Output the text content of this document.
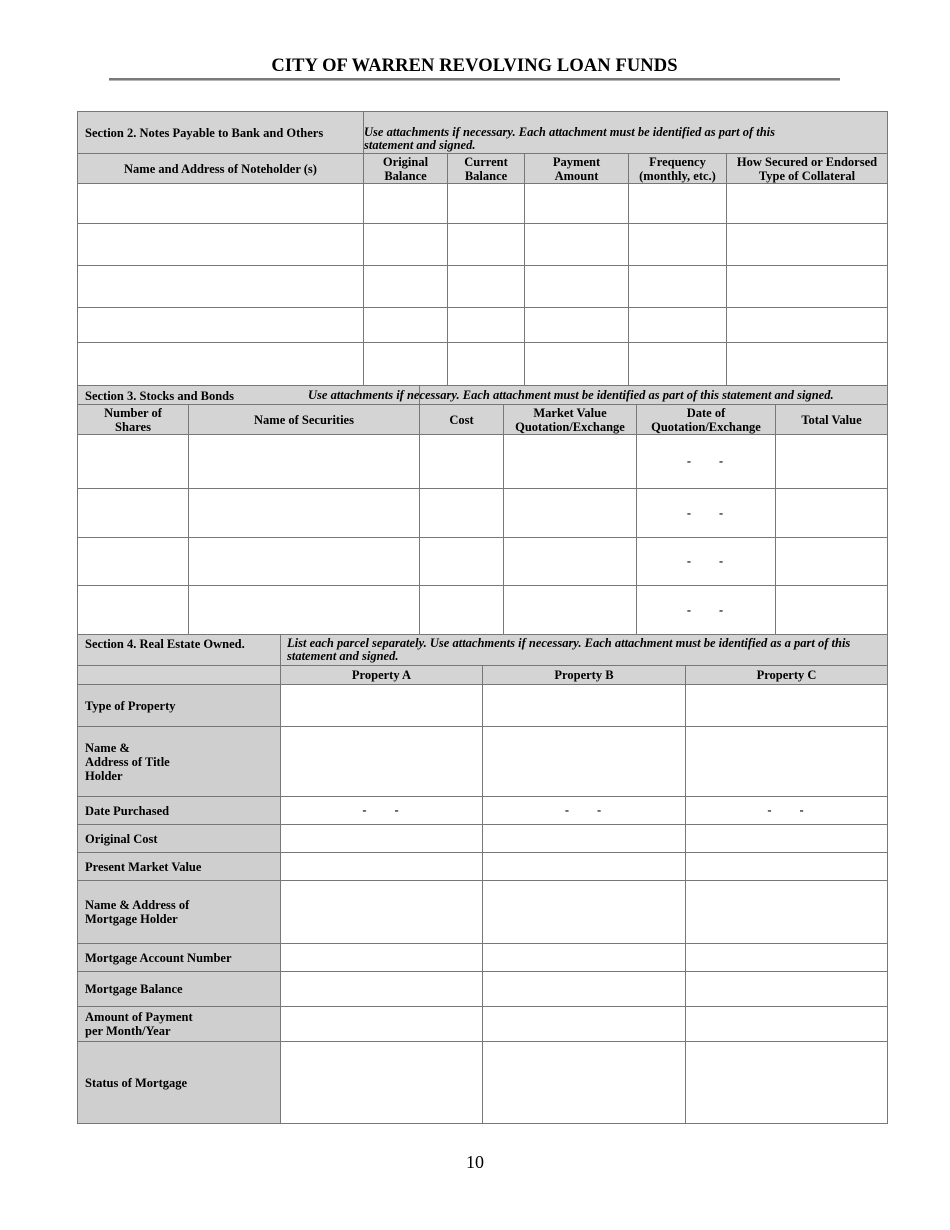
CITY OF WARREN REVOLVING LOAN FUNDS
Section 2. Notes Payable to Bank and Others	Use attachments if necessary. Each attachment must be identified as part of this statement and signed.				
Name and Address of Noteholder (s)	Original Balance	Current Balance	Payment Amount	Frequency (monthly, etc.)	How Secured or Endorsed Type of Collateral

Section 3. Stocks and Bonds		Use attachments if necessary. Each attachment must be identified as part of this statement and signed.			

Number of Shares	Name of Securities	Cost	Market Value Quotation/Exchange	Date of Quotation/Exchange	Total Value
				- -	
				- -	
				- -	
				- -	
Section 4. Real Estate Owned.	List each parcel separately. Use attachments if necessary. Each attachment must be identified as a part of this statement and signed.		
	Property A	Property B	Property C
Type of Property			
Name & Address of Title Holder			
Date Purchased	- -	- -	- -
Original Cost			
Present Market Value			
Name & Address of Mortgage Holder			
Mortgage Account Number			
Mortgage Balance			
Amount of Payment per Month/Year			
Status of Mortgage			
10
